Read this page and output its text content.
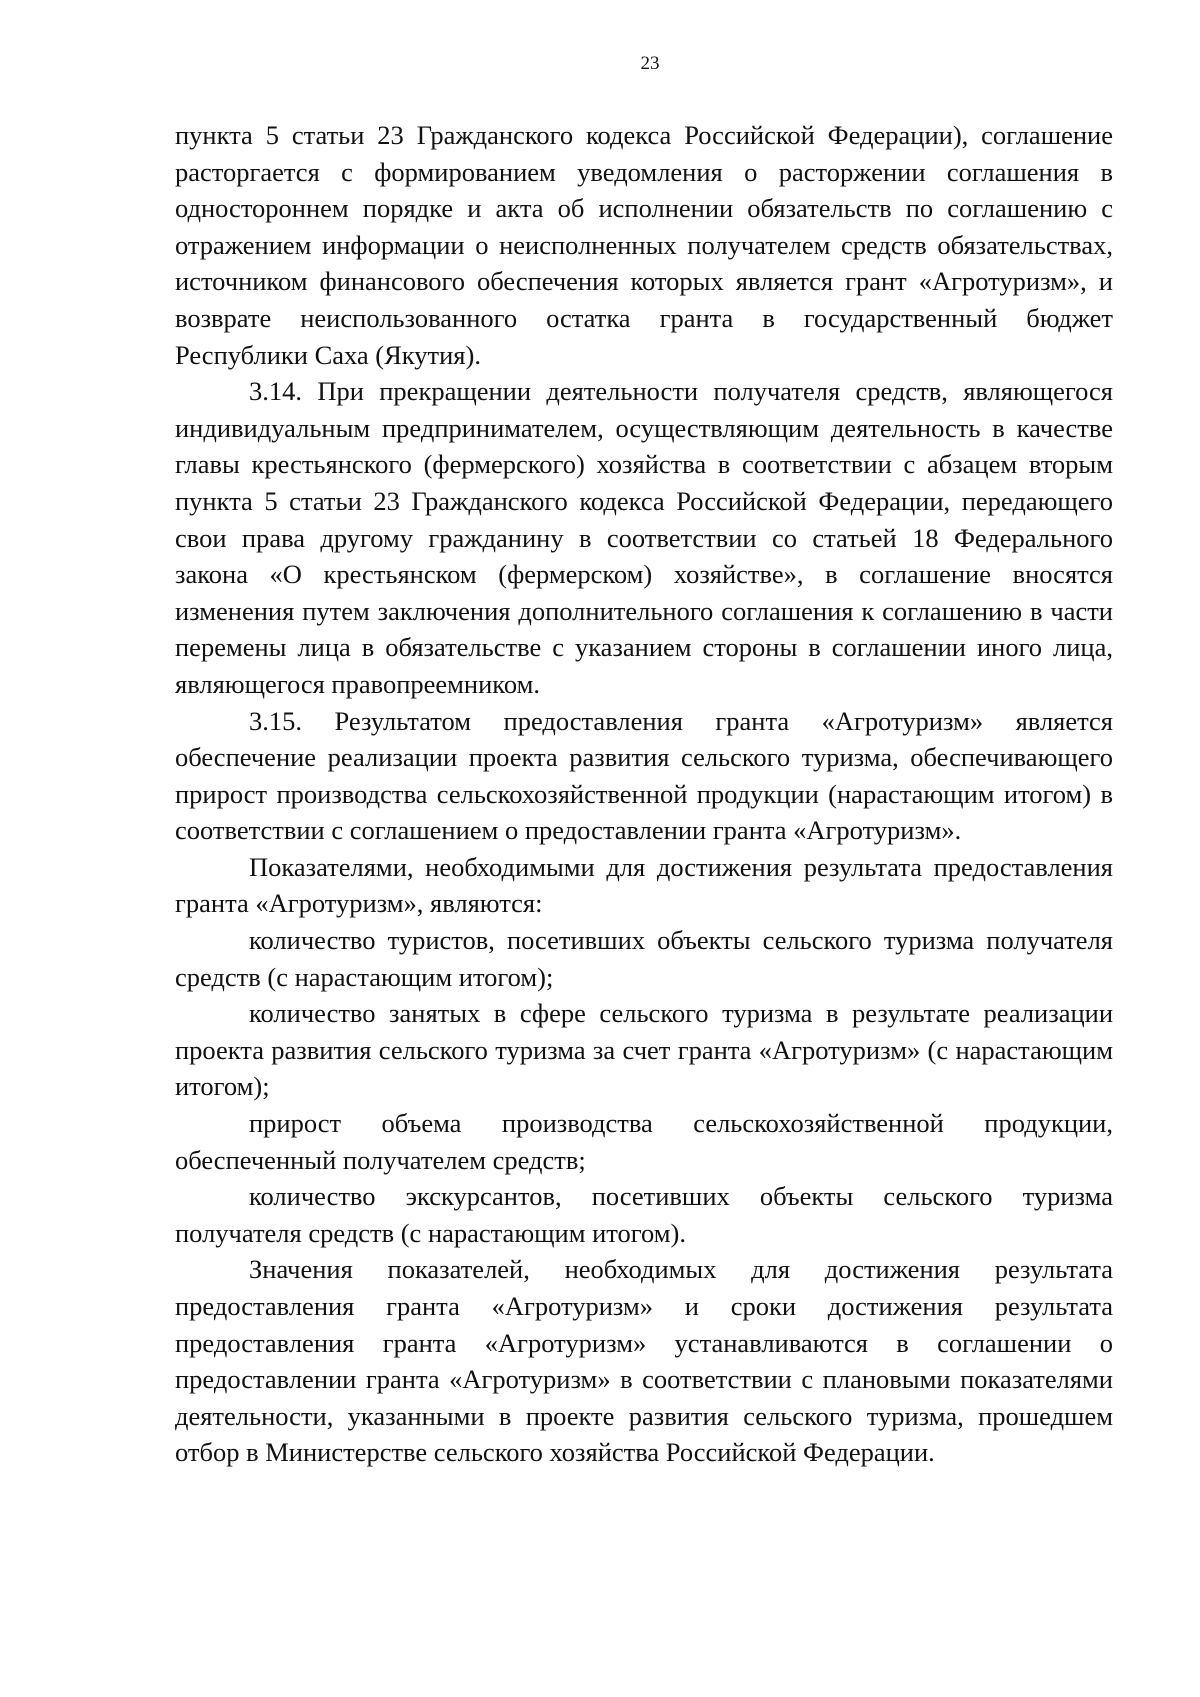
23

пункта 5 статьи 23 Гражданского кодекса Российской Федерации), соглашение расторгается с формированием уведомления о расторжении соглашения в одностороннем порядке и акта об исполнении обязательств по соглашению с отражением информации о неисполненных получателем средств обязательствах, источником финансового обеспечения которых является грант «Агротуризм», и возврате неиспользованного остатка гранта в государственный бюджет Республики Саха (Якутия).

3.14. При прекращении деятельности получателя средств, являющегося индивидуальным предпринимателем, осуществляющим деятельность в качестве главы крестьянского (фермерского) хозяйства в соответствии с абзацем вторым пункта 5 статьи 23 Гражданского кодекса Российской Федерации, передающего свои права другому гражданину в соответствии со статьей 18 Федерального закона «О крестьянском (фермерском) хозяйстве», в соглашение вносятся изменения путем заключения дополнительного соглашения к соглашению в части перемены лица в обязательстве с указанием стороны в соглашении иного лица, являющегося правопреемником.

3.15. Результатом предоставления гранта «Агротуризм» является обеспечение реализации проекта развития сельского туризма, обеспечивающего прирост производства сельскохозяйственной продукции (нарастающим итогом) в соответствии с соглашением о предоставлении гранта «Агротуризм».

Показателями, необходимыми для достижения результата предоставления гранта «Агротуризм», являются:

количество туристов, посетивших объекты сельского туризма получателя средств (с нарастающим итогом);

количество занятых в сфере сельского туризма в результате реализации проекта развития сельского туризма за счет гранта «Агротуризм» (с нарастающим итогом);

прирост объема производства сельскохозяйственной продукции, обеспеченный получателем средств;

количество экскурсантов, посетивших объекты сельского туризма получателя средств (с нарастающим итогом).

Значения показателей, необходимых для достижения результата предоставления гранта «Агротуризм» и сроки достижения результата предоставления гранта «Агротуризм» устанавливаются в соглашении о предоставлении гранта «Агротуризм» в соответствии с плановыми показателями деятельности, указанными в проекте развития сельского туризма, прошедшем отбор в Министерстве сельского хозяйства Российской Федерации.
